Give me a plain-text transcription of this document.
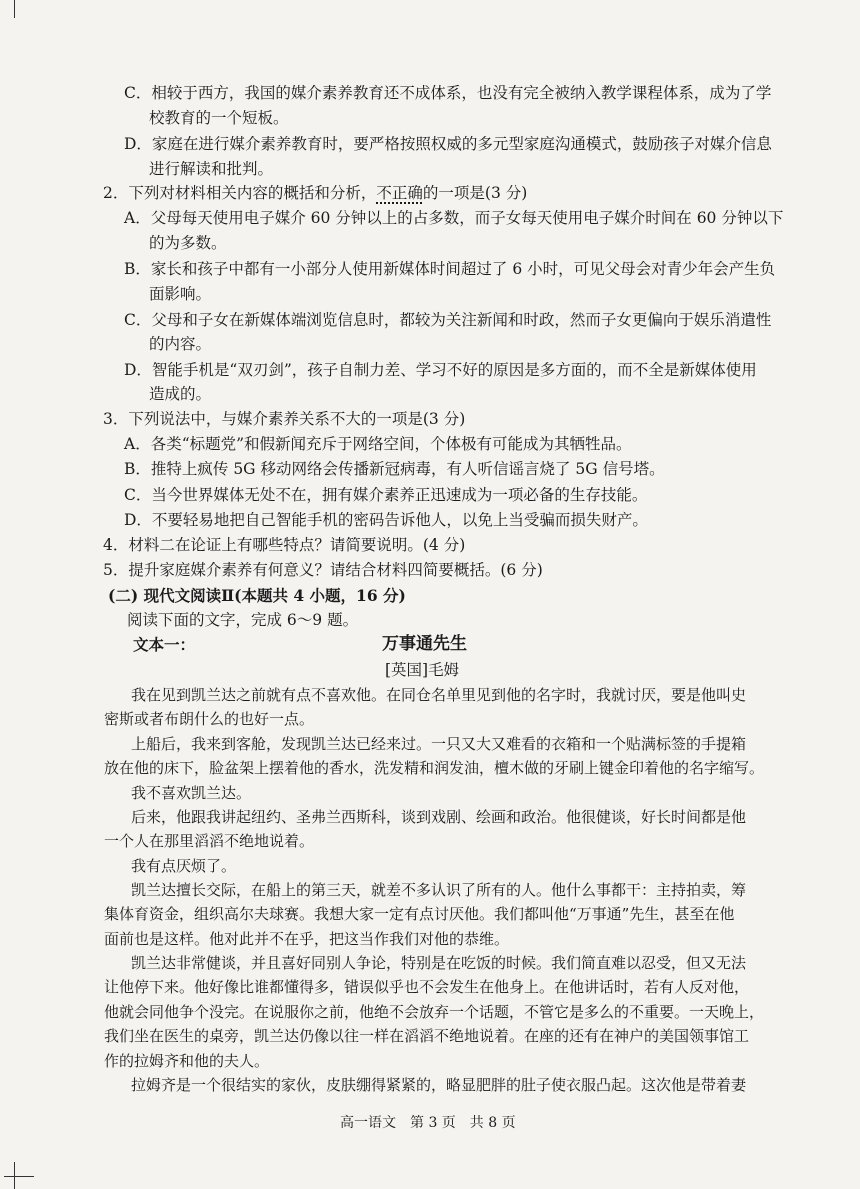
C．相较于西方，我国的媒介素养教育还不成体系，也没有完全被纳入教学课程体系，成为了学
校教育的一个短板。
D．家庭在进行媒介素养教育时，要严格按照权威的多元型家庭沟通模式，鼓励孩子对媒介信息
进行解读和批判。
2．下列对材料相关内容的概括和分析，不正确的一项是(3 分)
A．父母每天使用电子媒介 60 分钟以上的占多数，而子女每天使用电子媒介时间在 60 分钟以下
的为多数。
B．家长和孩子中都有一小部分人使用新媒体时间超过了 6 小时，可见父母会对青少年会产生负
面影响。
C．父母和子女在新媒体端浏览信息时，都较为关注新闻和时政，然而子女更偏向于娱乐消遣性
的内容。
D．智能手机是“双刃剑”，孩子自制力差、学习不好的原因是多方面的，而不全是新媒体使用
造成的。
3．下列说法中，与媒介素养关系不大的一项是(3 分)
A．各类“标题党”和假新闻充斥于网络空间，个体极有可能成为其牺牲品。
B．推特上疯传 5G 移动网络会传播新冠病毒，有人听信谣言烧了 5G 信号塔。
C．当今世界媒体无处不在，拥有媒介素养正迅速成为一项必备的生存技能。
D．不要轻易地把自己智能手机的密码告诉他人，以免上当受骗而损失财产。
4．材料二在论证上有哪些特点？请简要说明。(4 分)
5．提升家庭媒介素养有何意义？请结合材料四简要概括。(6 分)
(二) 现代文阅读Ⅱ(本题共 4 小题，16 分)
阅读下面的文字，完成 6～9 题。
文本一：	万事通先生
[英国]毛姆
我在见到凯兰达之前就有点不喜欢他。在同仓名单里见到他的名字时，我就讨厌，要是他叫史
密斯或者布朗什么的也好一点。
上船后，我来到客舱，发现凯兰达已经来过。一只又大又难看的衣箱和一个贴满标签的手提箱
放在他的床下，脸盆架上摆着他的香水，洗发精和润发油，檀木做的牙刷上键金印着他的名字缩写。
我不喜欢凯兰达。
后来，他跟我讲起纽约、圣弗兰西斯科，谈到戏剧、绘画和政治。他很健谈，好长时间都是他
一个人在那里滔滔不绝地说着。
我有点厌烦了。
凯兰达擅长交际，在船上的第三天，就差不多认识了所有的人。他什么事都干：主持拍卖，筹
集体育资金，组织高尔夫球赛。我想大家一定有点讨厌他。我们都叫他“万事通”先生，甚至在他
面前也是这样。他对此并不在乎，把这当作我们对他的恭维。
凯兰达非常健谈，并且喜好同别人争论，特别是在吃饭的时候。我们简直难以忍受，但又无法
让他停下来。他好像比谁都懂得多，错误似乎也不会发生在他身上。在他讲话时，若有人反对他，
他就会同他争个没完。在说服你之前，他绝不会放弃一个话题，不管它是多么的不重要。一天晚上，
我们坐在医生的桌旁，凯兰达仍像以往一样在滔滔不绝地说着。在座的还有在神户的美国领事馆工
作的拉姆齐和他的夫人。
拉姆齐是一个很结实的家伙，皮肤绷得紧紧的，略显肥胖的肚子使衣服凸起。这次他是带着妻
高一语文　第 3 页　共 8 页
